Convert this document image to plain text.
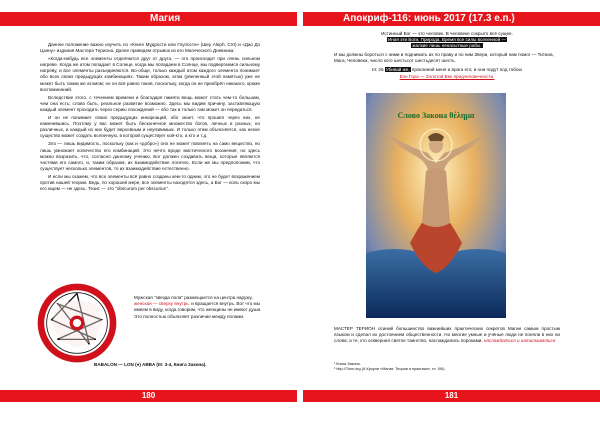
Магия	Апокриф-116: июнь 2017 (17.3 е.п.)

Данное положение важно изучить по «Книге Мудрости или Глупости» (Шеу Aleph, CXI) и «Дао Дэ Цзину» издания Мастера Териона. Далее приведем отрывок из его Магического Дневника:

«Когда-нибудь все элементы отделяются друг от друга, — это происходит при очень сильном нагреве. Когда же атом попадает в Солнце, когда мы попадаем в Солнце, мы подвергаемся сильному нагреву, и все элементы разъединяются. Во-обще, только каждый атом каждого элемента понимает обо всех своих предыдущих комбинациях. Таким образом, атом (увеленный этой памятью) уже не может быть таким же атомом; но он всё равно таков, поскольку, когда он не приобрёл никакого, кроме воспоминаний.

Вследствие этого, с течением времени и благодаря памяти вещь может стать чем-то большим, чем она есть; слово быть, реальное развитие возможно. Здесь мы видим причину, заставляющую каждый элемент проходить через серию похождений — обо так и только там может он передаться.

И он не понимает своих предыдущих инкарнаций, обо знает, что прошёл через них, не изменившись. Поэтому у вас может быть бесконечное множество богов, личных и разных, но различных, и каждый из них будет верховным и неуязвимым. И только этим объясняется, как некое существо может создать вселенную, в которой существует кой-кто, а кто и т.д.

Зло — лишь видимость, поскольку (как и «добро») оно не может повлиять на само вещество, но лишь умножает количество его комбинаций. Это нечто вроде мистического воззнения; но здесь можно возразить, что, согласно данному учению, Бог должен создавать вещи, которые являются частями его самого, и, таким образом, их взаимодействие логично. Если же мы предположим, что существует несколько элементов, то их взаимодействие естественно.

И если мы скажем, что все элементы всё равно созданы кем-то одним, это не будет возражением против нашей теории. Ведь, по хорошей мере, все элементы находятся здесь, а Бог — коль скоро мы его ищем — не здесь. Тезис — это "obscurum per obscurius".

Мужская "звезда пола" размещается на центра наружу, женская — сверху внутрь. и вращается внутрь. Вот что мы имеем в виду, когда говорим, что женщины не имеют души. Это полностью объясняет различие между полами.
BABALON — LON (●) ABBA (III: 3-4, Книга Закона).
Истинный Бог — это человек. В человеке сокрыто всё сущее.
Иная эти Боги, Природа, Время все силы вселенной —
жалкие лишь ненасытные рабы.
И мы должны бороться с ними и поднимать их по праву и по ним Звери, который нам помог — Титана, Мага, Человека, число кого шестьсот шестьдесят шесть.
III: 26 Убивай же, проклинай меня и врага его; и они подут под тобою
Бэн Гора — Золотой Век предчеловечности.
Слово Закона θέλημα
МАСТЕР ТЕРИОН осиний большинство важнейших практических секретов Магии самым простым языком и сделал их достоянием общественности. Но многие умные и учёные люди не поняли в них ни слова; а те, кто осквернил святое таинство, наслаждались пороками. наслаждаться и наталкиваться
¹ Книга Закона.
² http://Tonn.org (А.Кроули «Магия: Теория и практика», гл. XIII).
180	181
